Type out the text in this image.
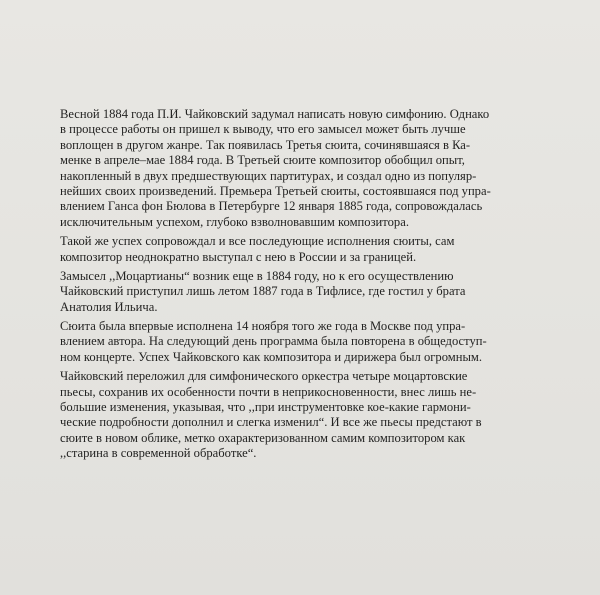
Весной 1884 года П.И. Чайковский задумал написать новую симфонию. Однако
в процессе работы он пришел к выводу, что его замысел может быть лучше
воплощен в другом жанре. Так появилась Третья сюита, сочинявшаяся в Ка-
менке в апреле–мае 1884 года. В Третьей сюите композитор обобщил опыт,
накопленный в двух предшествующих партитурах, и создал одно из популяр-
нейших своих произведений. Премьера Третьей сюиты, состоявшаяся под упра-
влением Ганса фон Бюлова в Петербурге 12 января 1885 года, сопровождалась
исключительным успехом, глубоко взволновавшим композитора.

Такой же успех сопровождал и все последующие исполнения сюиты, сам
композитор неоднократно выступал с нею в России и за границей.

Замысел ,,Моцартианы“ возник еще в 1884 году, но к его осуществлению
Чайковский приступил лишь летом 1887 года в Тифлисе, где гостил у брата
Анатолия Ильича.

Сюита была впервые исполнена 14 ноября того же года в Москве под упра-
влением автора. На следующий день программа была повторена в общедоступ-
ном концерте. Успех Чайковского как композитора и дирижера был огромным.

Чайковский переложил для симфонического оркестра четыре моцартовские
пьесы, сохранив их особенности почти в неприкосновенности, внес лишь не-
большие изменения, указывая, что ,,при инструментовке кое-какие гармони-
ческие подробности дополнил и слегка изменил“. И все же пьесы предстают в
сюите в новом облике, метко охарактеризованном самим композитором как
,,старина в современной обработке“.
